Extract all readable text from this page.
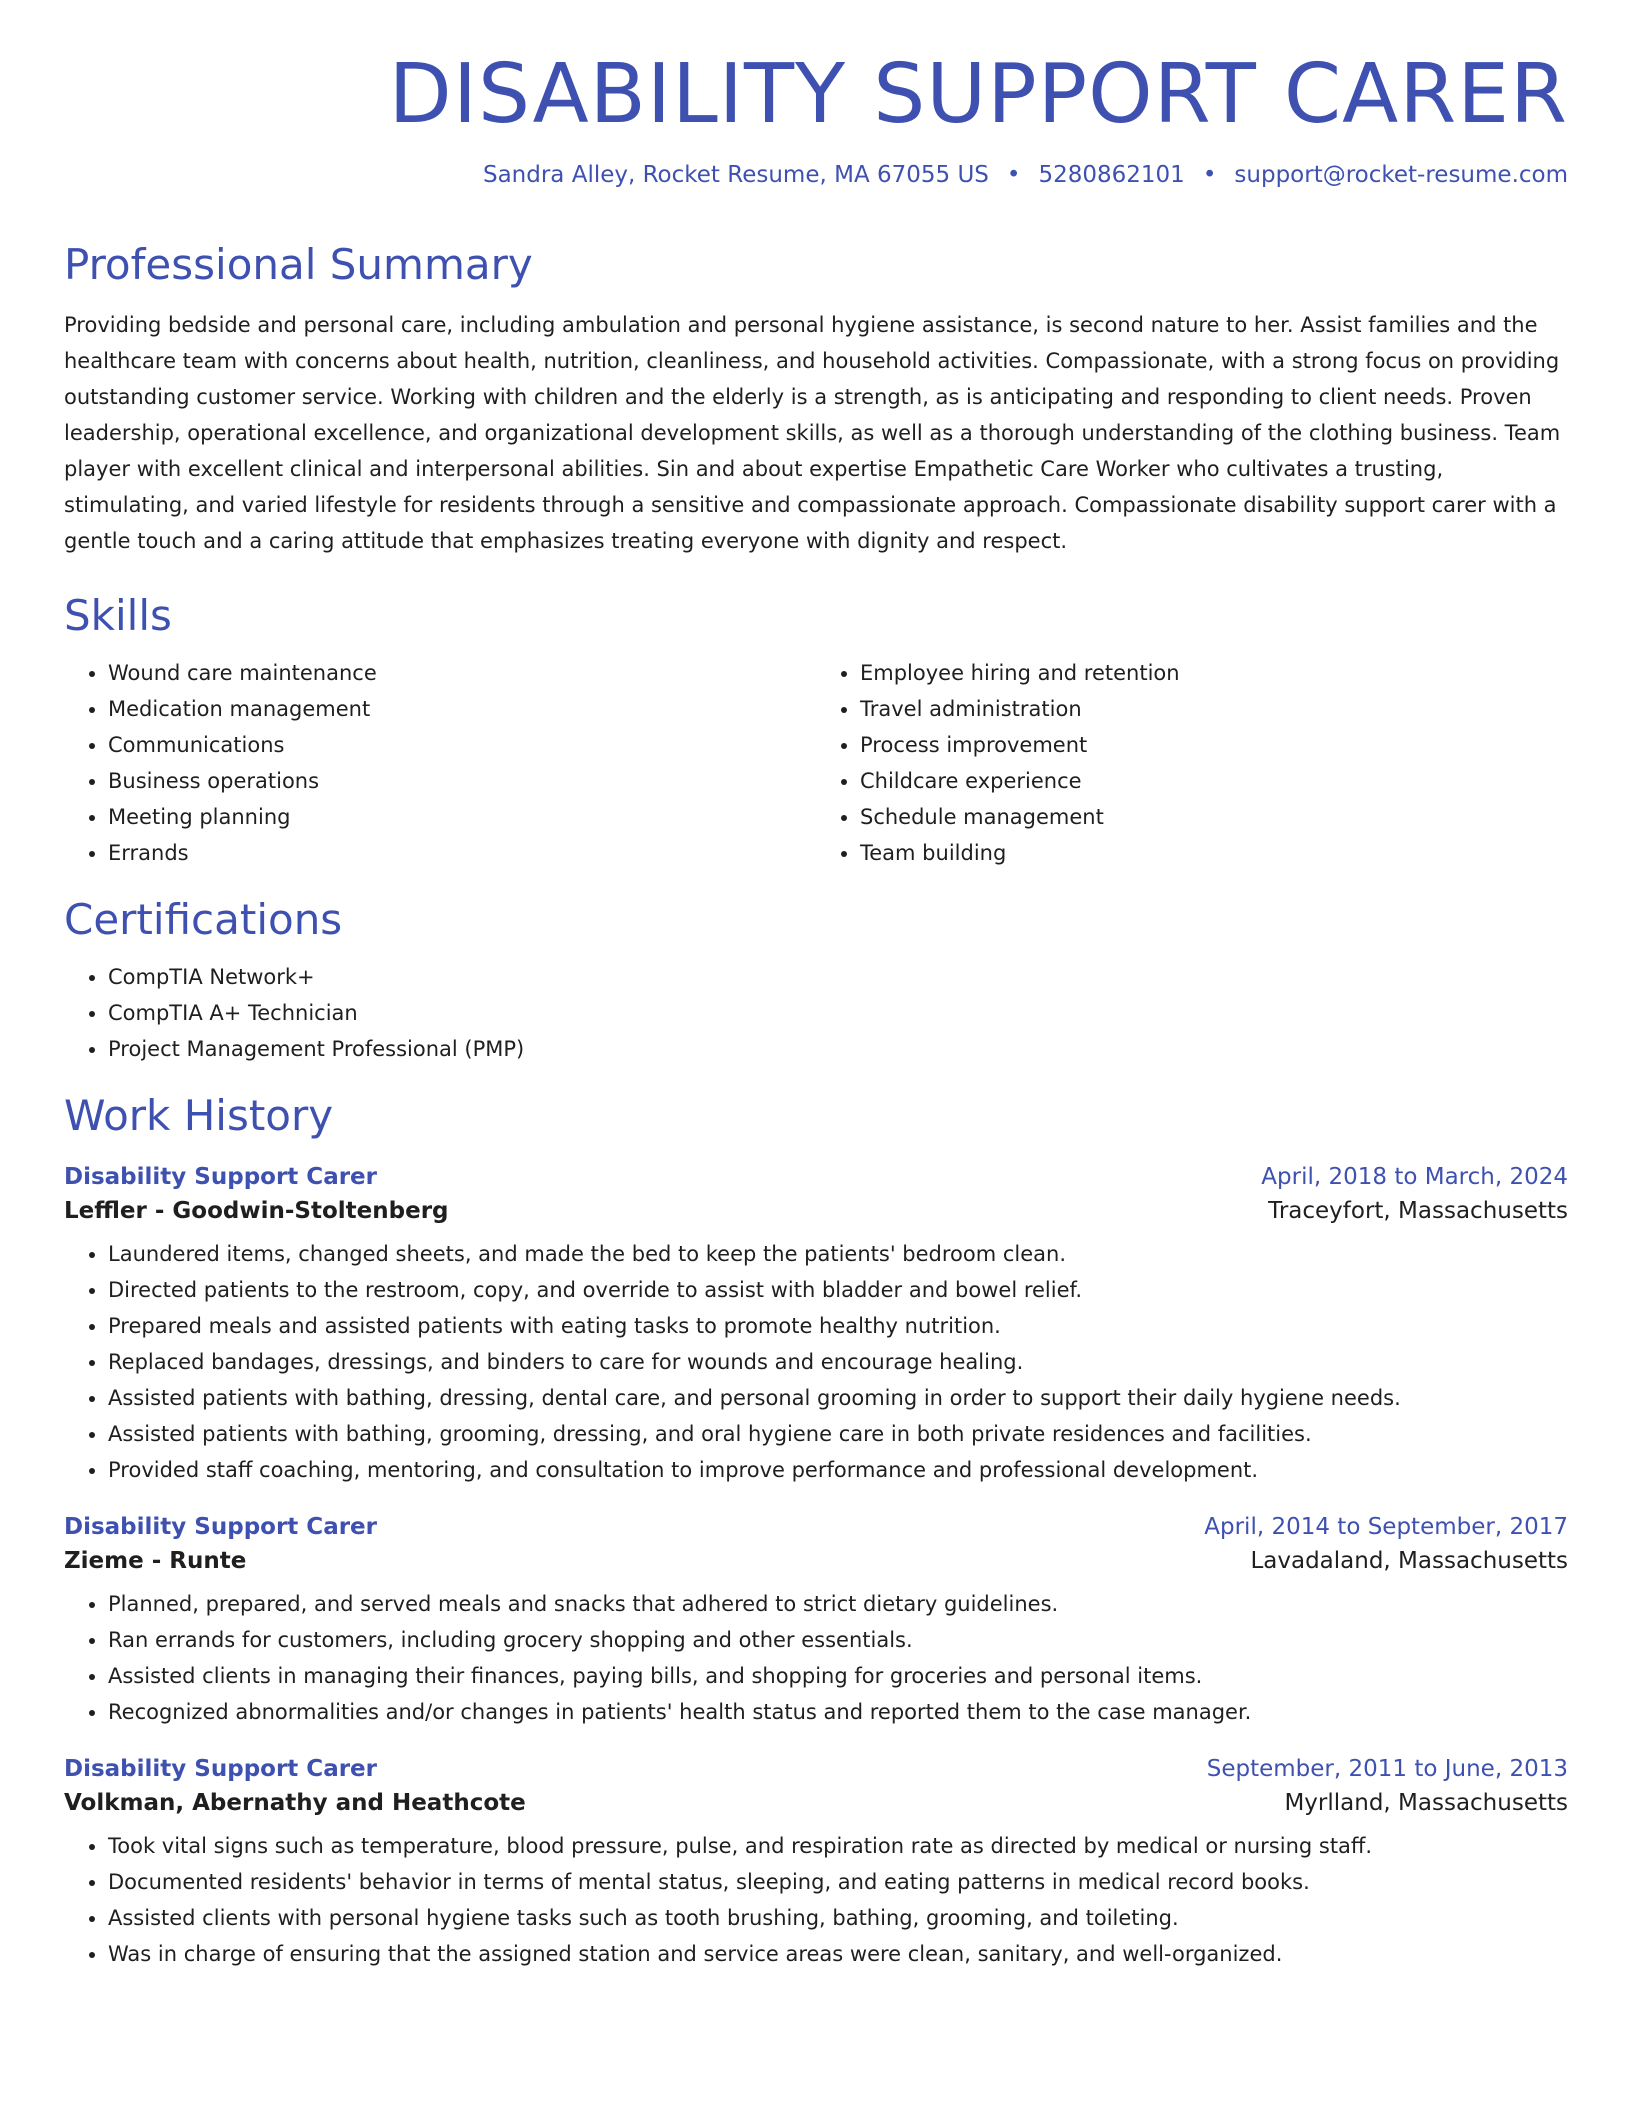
DISABILITY SUPPORT CARER
Sandra Alley, Rocket Resume, MA 67055 US • 5280862101 • support@rocket-resume.com
Professional Summary

Providing bedside and personal care, including ambulation and personal hygiene assistance, is second nature to her. Assist families and the healthcare team with concerns about health, nutrition, cleanliness, and household activities. Compassionate, with a strong focus on providing outstanding customer service. Working with children and the elderly is a strength, as is anticipating and responding to client needs. Proven leadership, operational excellence, and organizational development skills, as well as a thorough understanding of the clothing business. Team player with excellent clinical and interpersonal abilities. Sin and about expertise Empathetic Care Worker who cultivates a trusting, stimulating, and varied lifestyle for residents through a sensitive and compassionate approach. Compassionate disability support carer with a gentle touch and a caring attitude that emphasizes treating everyone with dignity and respect.

Skills
• Wound care maintenance
• Medication management
• Communications
• Business operations
• Meeting planning
• Errands
• Employee hiring and retention
• Travel administration
• Process improvement
• Childcare experience
• Schedule management
• Team building
Certifications
• CompTIA Network+
• CompTIA A+ Technician
• Project Management Professional (PMP)
Work History
Disability Support Carer	April, 2018 to March, 2024
Leffler - Goodwin-Stoltenberg	Traceyfort, Massachusetts
• Laundered items, changed sheets, and made the bed to keep the patients' bedroom clean.
• Directed patients to the restroom, copy, and override to assist with bladder and bowel relief.
• Prepared meals and assisted patients with eating tasks to promote healthy nutrition.
• Replaced bandages, dressings, and binders to care for wounds and encourage healing.
• Assisted patients with bathing, dressing, dental care, and personal grooming in order to support their daily hygiene needs.
• Assisted patients with bathing, grooming, dressing, and oral hygiene care in both private residences and facilities.
• Provided staff coaching, mentoring, and consultation to improve performance and professional development.
Disability Support Carer	April, 2014 to September, 2017
Zieme - Runte	Lavadaland, Massachusetts
• Planned, prepared, and served meals and snacks that adhered to strict dietary guidelines.
• Ran errands for customers, including grocery shopping and other essentials.
• Assisted clients in managing their finances, paying bills, and shopping for groceries and personal items.
• Recognized abnormalities and/or changes in patients' health status and reported them to the case manager.
Disability Support Carer	September, 2011 to June, 2013
Volkman, Abernathy and Heathcote	Myrlland, Massachusetts
• Took vital signs such as temperature, blood pressure, pulse, and respiration rate as directed by medical or nursing staff.
• Documented residents' behavior in terms of mental status, sleeping, and eating patterns in medical record books.
• Assisted clients with personal hygiene tasks such as tooth brushing, bathing, grooming, and toileting.
• Was in charge of ensuring that the assigned station and service areas were clean, sanitary, and well-organized.
